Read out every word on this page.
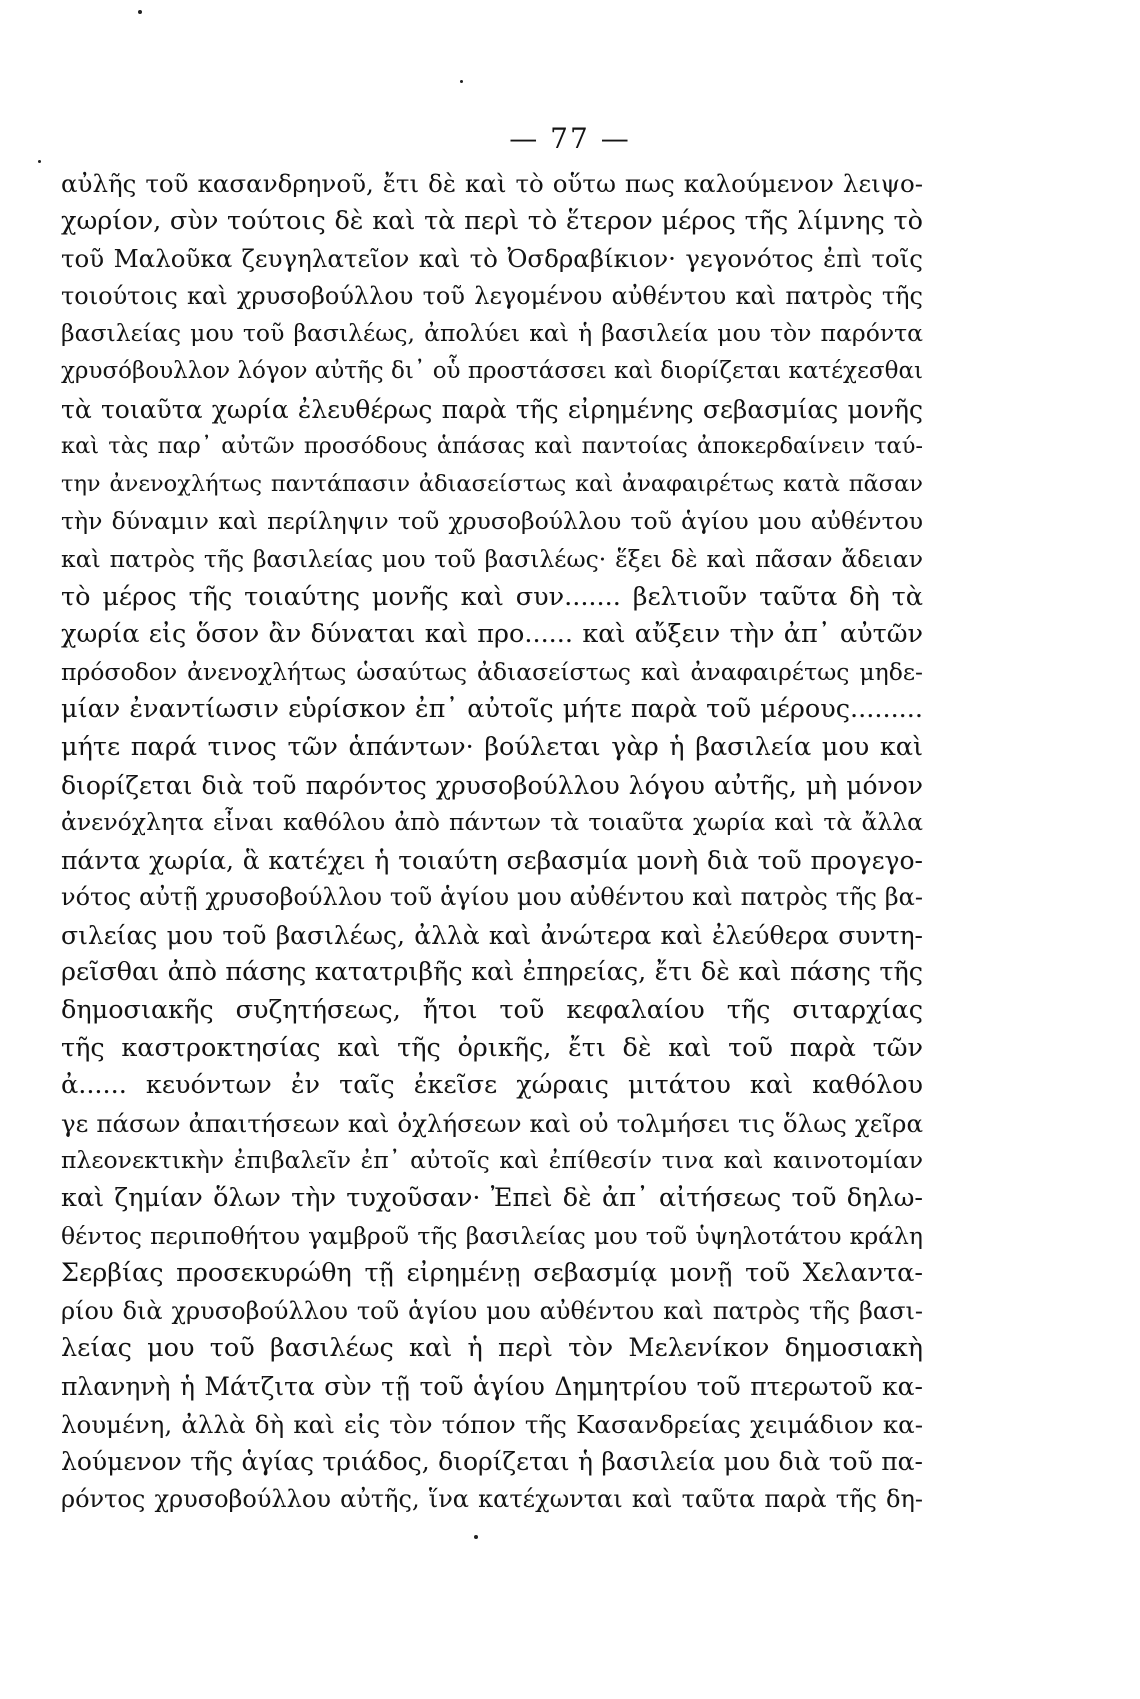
— 77 —
αὐλῆς τοῦ κασανδρηνοῦ, ἔτι δὲ καὶ τὸ οὕτω πως καλούμενον λειψο-
χωρίον, σὺν τούτοις δὲ καὶ τὰ περὶ τὸ ἕτερον μέρος τῆς λίμνης τὸ
τοῦ Μαλοῦκα ζευγηλατεῖον καὶ τὸ Ὀσδραβίκιον· γεγονότος ἐπὶ τοῖς
τοιούτοις καὶ χρυσοβούλλου τοῦ λεγομένου αὐθέντου καὶ πατρὸς τῆς
βασιλείας μου τοῦ βασιλέως, ἀπολύει καὶ ἡ βασιλεία μου τὸν παρόντα
χρυσόβουλλον λόγον αὐτῆς δι᾽ οὗ προστάσσει καὶ διορίζεται κατέχεσθαι
τὰ τοιαῦτα χωρία ἐλευθέρως παρὰ τῆς εἰρημένης σεβασμίας μονῆς
καὶ τὰς παρ᾽ αὐτῶν προσόδους ἁπάσας καὶ παντοίας ἀποκερδαίνειν ταύ-
την ἀνενοχλήτως παντάπασιν ἀδιασείστως καὶ ἀναφαιρέτως κατὰ πᾶσαν
τὴν δύναμιν καὶ περίληψιν τοῦ χρυσοβούλλου τοῦ ἁγίου μου αὐθέντου
καὶ πατρὸς τῆς βασιλείας μου τοῦ βασιλέως· ἕξει δὲ καὶ πᾶσαν ἄδειαν
τὸ μέρος τῆς τοιαύτης μονῆς καὶ συν....... βελτιοῦν ταῦτα δὴ τὰ
χωρία εἰς ὅσον ἂν δύναται καὶ προ...... καὶ αὔξειν τὴν ἀπ᾽ αὐτῶν
πρόσοδον ἀνενοχλήτως ὡσαύτως ἀδιασείστως καὶ ἀναφαιρέτως μηδε-
μίαν ἐναντίωσιν εὑρίσκον ἐπ᾽ αὐτοῖς μήτε παρὰ τοῦ μέρους.........
μήτε παρά τινος τῶν ἁπάντων· βούλεται γὰρ ἡ βασιλεία μου καὶ
διορίζεται διὰ τοῦ παρόντος χρυσοβούλλου λόγου αὐτῆς, μὴ μόνον
ἀνενόχλητα εἶναι καθόλου ἀπὸ πάντων τὰ τοιαῦτα χωρία καὶ τὰ ἄλλα
πάντα χωρία, ἃ κατέχει ἡ τοιαύτη σεβασμία μονὴ διὰ τοῦ προγεγο-
νότος αὐτῇ χρυσοβούλλου τοῦ ἁγίου μου αὐθέντου καὶ πατρὸς τῆς βα-
σιλείας μου τοῦ βασιλέως, ἀλλὰ καὶ ἀνώτερα καὶ ἐλεύθερα συντη-
ρεῖσθαι ἀπὸ πάσης κατατριβῆς καὶ ἐπηρείας, ἔτι δὲ καὶ πάσης τῆς
δημοσιακῆς συζητήσεως, ἤτοι τοῦ κεφαλαίου τῆς σιταρχίας
τῆς καστροκτησίας καὶ τῆς ὀρικῆς, ἔτι δὲ καὶ τοῦ παρὰ τῶν
ἀ...... κευόντων ἐν ταῖς ἐκεῖσε χώραις μιτάτου καὶ καθόλου
γε πάσων ἀπαιτήσεων καὶ ὀχλήσεων καὶ οὐ τολμήσει τις ὅλως χεῖρα
πλεονεκτικὴν ἐπιβαλεῖν ἐπ᾽ αὐτοῖς καὶ ἐπίθεσίν τινα καὶ καινοτομίαν
καὶ ζημίαν ὅλων τὴν τυχοῦσαν· Ἐπεὶ δὲ ἀπ᾽ αἰτήσεως τοῦ δηλω-
θέντος περιποθήτου γαμβροῦ τῆς βασιλείας μου τοῦ ὑψηλοτάτου κράλη
Σερβίας προσεκυρώθη τῇ εἰρημένῃ σεβασμίᾳ μονῇ τοῦ Χελαντα-
ρίου διὰ χρυσοβούλλου τοῦ ἁγίου μου αὐθέντου καὶ πατρὸς τῆς βασι-
λείας μου τοῦ βασιλέως καὶ ἡ περὶ τὸν Μελενίκον δημοσιακὴ
πλανηνὴ ἡ Μάτζιτα σὺν τῇ τοῦ ἁγίου Δημητρίου τοῦ πτερωτοῦ κα-
λουμένη, ἀλλὰ δὴ καὶ εἰς τὸν τόπον τῆς Κασανδρείας χειμάδιον κα-
λούμενον τῆς ἁγίας τριάδος, διορίζεται ἡ βασιλεία μου διὰ τοῦ πα-
ρόντος χρυσοβούλλου αὐτῆς, ἵνα κατέχωνται καὶ ταῦτα παρὰ τῆς δη-
